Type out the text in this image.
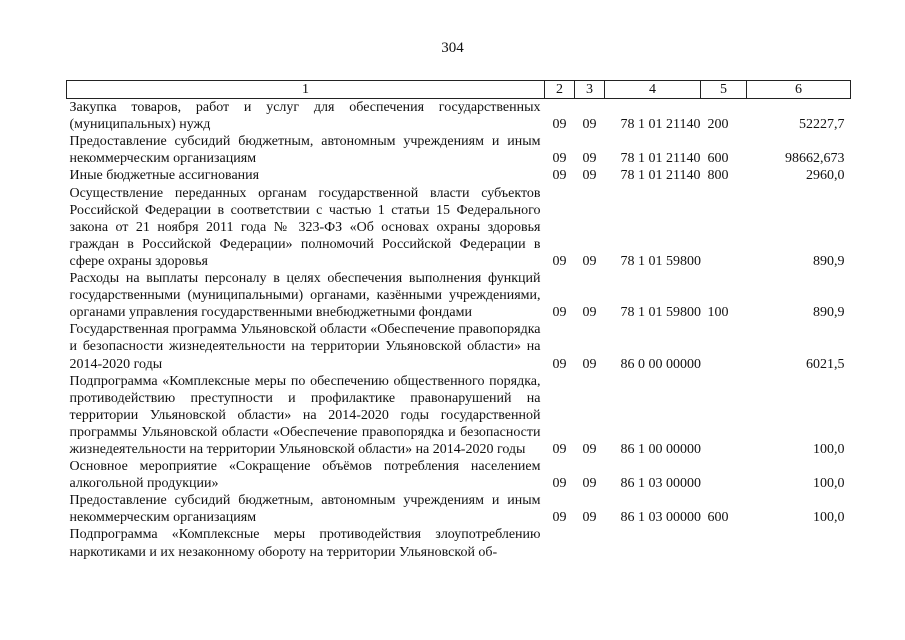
304
1	2	3	4	5	6
Закупка товаров, работ и услуг для обеспечения государственных (муниципальных) нужд	09	09	78 1 01 21140	200	52227,7
Предоставление субсидий бюджетным, автономным учреждениям и иным некоммерческим организациям	09	09	78 1 01 21140	600	98662,673
Иные бюджетные ассигнования	09	09	78 1 01 21140	800	2960,0
Осуществление переданных органам государственной власти субъектов Российской Федерации в соответствии с частью 1 статьи 15 Федерального закона от 21 ноября 2011 года № 323-ФЗ «Об основах охраны здоровья граждан в Российской Федерации» полномочий Российской Федерации в сфере охраны здоровья	09	09	78 1 01 59800		890,9
Расходы на выплаты персоналу в целях обеспечения выполнения функций государственными (муниципальными) органами, казёнными учреждениями, органами управления государственными внебюджетными фондами	09	09	78 1 01 59800	100	890,9
Государственная программа Ульяновской области «Обеспечение правопорядка и безопасности жизнедеятельности на территории Ульяновской области» на 2014-2020 годы	09	09	86 0 00 00000		6021,5
Подпрограмма «Комплексные меры по обеспечению общественного порядка, противодействию преступности и профилактике правонарушений на территории Ульяновской области» на 2014-2020 годы государственной программы Ульяновской области «Обеспечение правопорядка и безопасности жизнедеятельности на территории Ульяновской области» на 2014-2020 годы	09	09	86 1 00 00000		100,0
Основное мероприятие «Сокращение объёмов потребления населением алкогольной продукции»	09	09	86 1 03 00000		100,0
Предоставление субсидий бюджетным, автономным учреждениям и иным некоммерческим организациям	09	09	86 1 03 00000	600	100,0
Подпрограмма «Комплексные меры противодействия злоупотреблению наркотиками и их незаконному обороту на территории Ульяновской об-					
